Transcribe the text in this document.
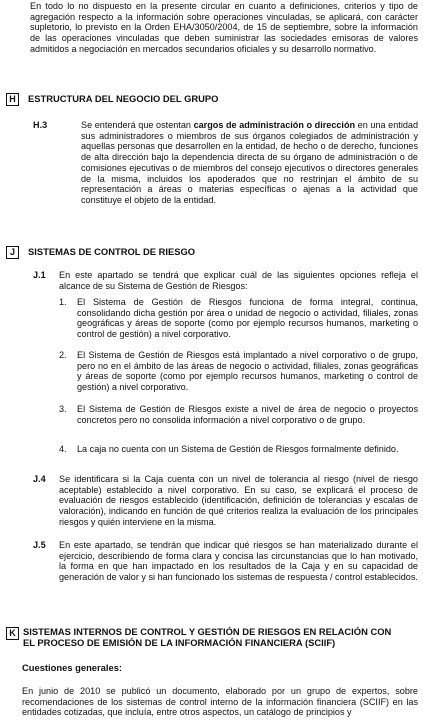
En todo lo no dispuesto en la presente circular en cuanto a definiciones, criterios y tipo de agregación respecto a la información sobre operaciones vinculadas, se aplicará, con carácter supletorio, lo previsto en la Orden EHA/3050/2004, de 15 de septiembre, sobre la información de las operaciones vinculadas que deben suministrar las sociedades emisoras de valores admitidos a negociación en mercados secundarios oficiales y su desarrollo normativo.
H	ESTRUCTURA DEL NEGOCIO DEL GRUPO
H.3	Se entenderá que ostentan cargos de administración o dirección en una entidad sus administradores o miembros de sus órganos colegiados de administración y aquellas personas que desarrollen en la entidad, de hecho o de derecho, funciones de alta dirección bajo la dependencia directa de su órgano de administración o de comisiones ejecutivas o de miembros del consejo ejecutivos o directores generales de la misma, incluidos los apoderados que no restrinjan el ámbito de su representación a áreas o materias específicas o ajenas a la actividad que constituye el objeto de la entidad.
J	SISTEMAS DE CONTROL DE RIESGO
J.1 En este apartado se tendrá que explicar cuál de las siguientes opciones refleja el alcance de su Sistema de Gestión de Riesgos:
1. El Sistema de Gestión de Riesgos funciona de forma integral, continua, consolidando dicha gestión por área o unidad de negocio o actividad, filiales, zonas geográficas y áreas de soporte (como por ejemplo recursos humanos, marketing o control de gestión) a nivel corporativo.
2. El Sistema de Gestión de Riesgos está implantado a nivel corporativo o de grupo, pero no en el ámbito de las áreas de negocio o actividad, filiales, zonas geográficas y áreas de soporte (como por ejemplo recursos humanos, marketing o control de gestión) a nivel corporativo.
3. El Sistema de Gestión de Riesgos existe a nivel de área de negocio o proyectos concretos pero no consolida información a nivel corporativo o de grupo.
4. La caja no cuenta con un Sistema de Gestión de Riesgos formalmente definido.
J.4 Se identificara si la Caja cuenta con un nivel de tolerancia al riesgo (nivel de riesgo aceptable) establecido a nivel corporativo. En su caso, se explicará el proceso de evaluación de riesgos establecido (identificación, definición de tolerancias y escalas de valoración), indicando en función de qué criterios realiza la evaluación de los principales riesgos y quién interviene en la misma.
J.5 En este apartado, se tendrán que indicar qué riesgos se han materializado durante el ejercicio, describiendo de forma clara y concisa las circunstancias que lo han motivado, la forma en que han impactado en los resultados de la Caja y en su capacidad de generación de valor y si han funcionado los sistemas de respuesta / control establecidos.
K SISTEMAS INTERNOS DE CONTROL Y GESTIÓN DE RIESGOS EN RELACIÓN CON
EL PROCESO DE EMISIÓN DE LA INFORMACIÓN FINANCIERA (SCIIF)
Cuestiones generales:
En junio de 2010 se publicó un documento, elaborado por un grupo de expertos, sobre recomendaciones de los sistemas de control interno de la información financiera (SCIIF) en las entidades cotizadas, que incluía, entre otros aspectos, un catálogo de principios y
